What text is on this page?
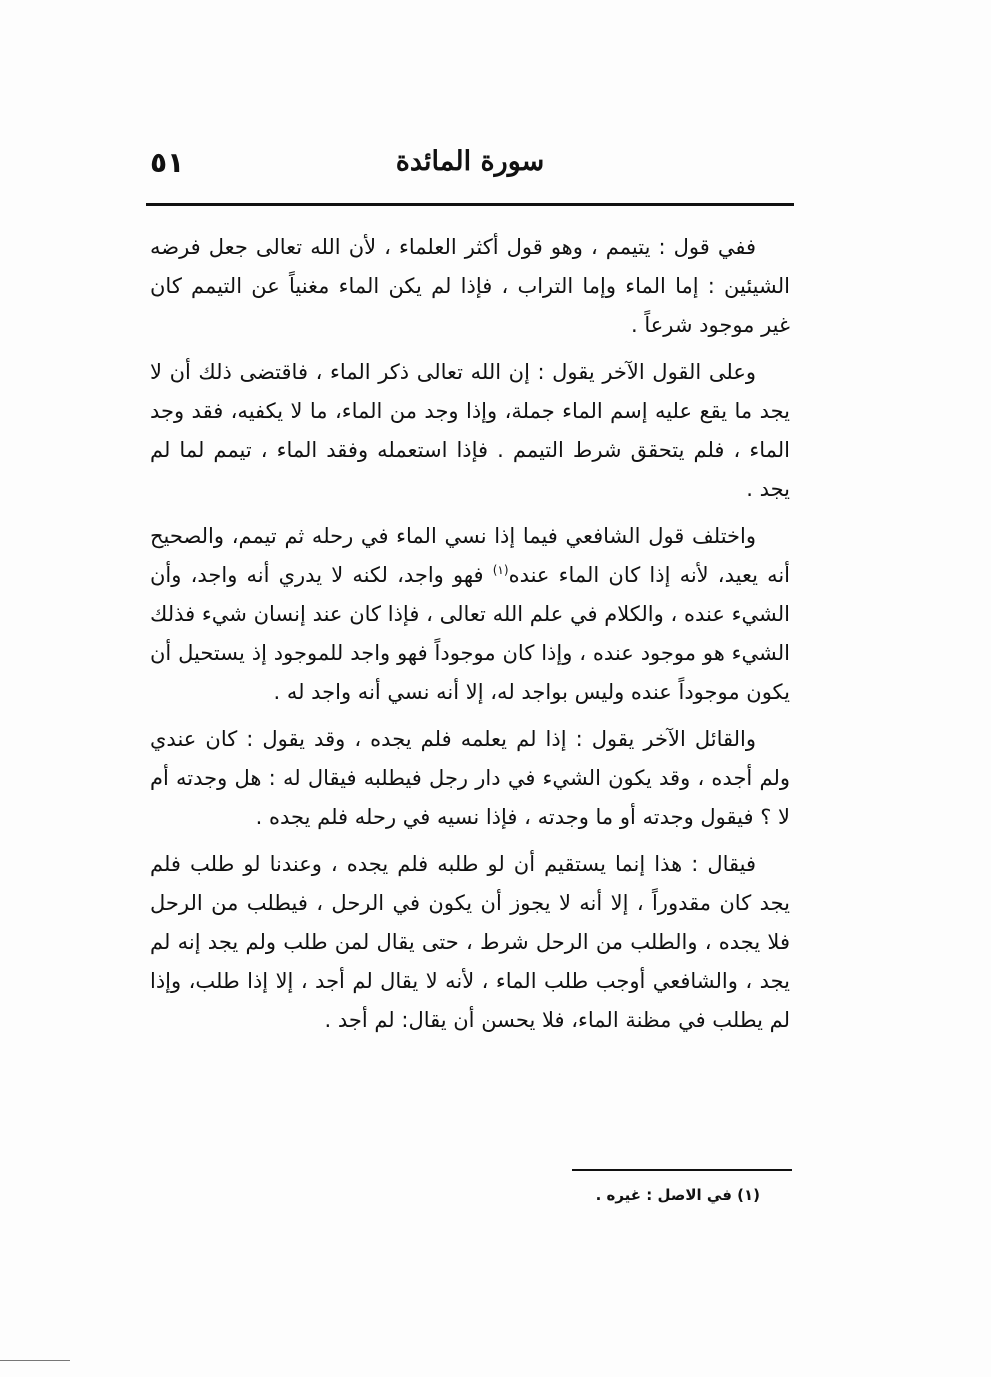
سورة المائدة
٥١

ففي قول : يتيمم ، وهو قول أكثر العلماء ، لأن الله تعالى جعل فرضه الشيئين : إما الماء وإما التراب ، فإذا لم يكن الماء مغنياً عن التيمم كان غير موجود شرعاً .

وعلى القول الآخر يقول : إن الله تعالى ذكر الماء ، فاقتضى ذلك أن لا يجد ما يقع عليه إسم الماء جملة، وإذا وجد من الماء، ما لا يكفيه، فقد وجد الماء ، فلم يتحقق شرط التيمم . فإذا استعمله وفقد الماء ، تيمم لما لم يجد .

واختلف قول الشافعي فيما إذا نسي الماء في رحله ثم تيمم، والصحيح أنه يعيد، لأنه إذا كان الماء عنده$^{(١)}$ فهو واجد، لكنه لا يدري أنه واجد، وأن الشيء عنده ، والكلام في علم الله تعالى ، فإذا كان عند إنسان شيء فذلك الشيء هو موجود عنده ، وإذا كان موجوداً فهو واجد للموجود إذ يستحيل أن يكون موجوداً عنده وليس بواجد له، إلا أنه نسي أنه واجد له .

والقائل الآخر يقول : إذا لم يعلمه فلم يجده ، وقد يقول : كان عندي ولم أجده ، وقد يكون الشيء في دار رجل فيطلبه فيقال له : هل وجدته أم لا ؟ فيقول وجدته أو ما وجدته ، فإذا نسيه في رحله فلم يجده .

فيقال : هذا إنما يستقيم أن لو طلبه فلم يجده ، وعندنا لو طلب فلم يجد كان مقدوراً ، إلا أنه لا يجوز أن يكون في الرحل ، فيطلب من الرحل فلا يجده ، والطلب من الرحل شرط ، حتى يقال لمن طلب ولم يجد إنه لم يجد ، والشافعي أوجب طلب الماء ، لأنه لا يقال لم أجد ، إلا إذا طلب، وإذا لم يطلب في مظنة الماء، فلا يحسن أن يقال: لم أجد .

(١) في الاصل : غيره .
